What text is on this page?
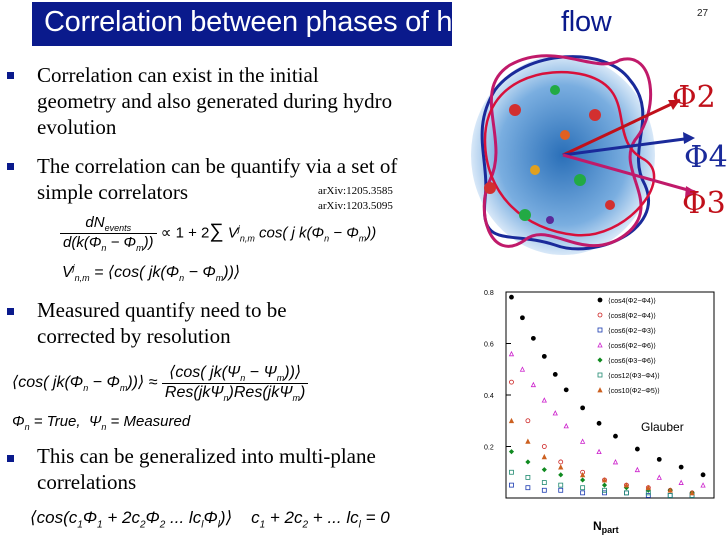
Correlation between phases of harmonic flow	27
Correlation can exist in the initial geometry and also generated during hydro evolution
The correlation can be quantify via a set of simple correlators	arXiv:1205.3585
arXiv:1203.5095
$\frac{dN_{events}}{d(k(\Phi_n - \Phi_m))} \propto 1 + 2\sum$ $V^j_{n,m}$ cos( j $k(\Phi_n - \Phi_m)$)
$V^j_{n,m}$ = ⟨cos( $jk(\Phi_n$ − $\Phi_m))⟩$
Measured quantify need to be corrected by resolution
⟨cos( $jk(\Phi_n$ − $\Phi_m))⟩ \approx \frac{⟨\cos( jk(\Psi_n - \Psi_m))⟩}{Res(jk\Psi_n)Res(jk\Psi_m)}$
$\Phi_n$ = True,  $\Psi_n$ = Measured
This can be generalized into multi-plane correlations
$⟨\cos(c_1\Phi_1 + 2c_2\Phi_2$ ... $lc_l\Phi_l)⟩$    $c_1 + 2c_2$ + ... $lc_l = 0$
Φ2
Φ4
Φ3
0.2
0.4
0.6
0.8
⟨cos4(Φ2−Φ4)⟩
⟨cos8(Φ2−Φ4)⟩
⟨cos6(Φ2−Φ3)⟩
⟨cos6(Φ2−Φ6)⟩
⟨cos6(Φ3−Φ6)⟩
⟨cos12(Φ3−Φ4)⟩
⟨cos10(Φ2−Φ5)⟩
Glauber
$N_{part}$
